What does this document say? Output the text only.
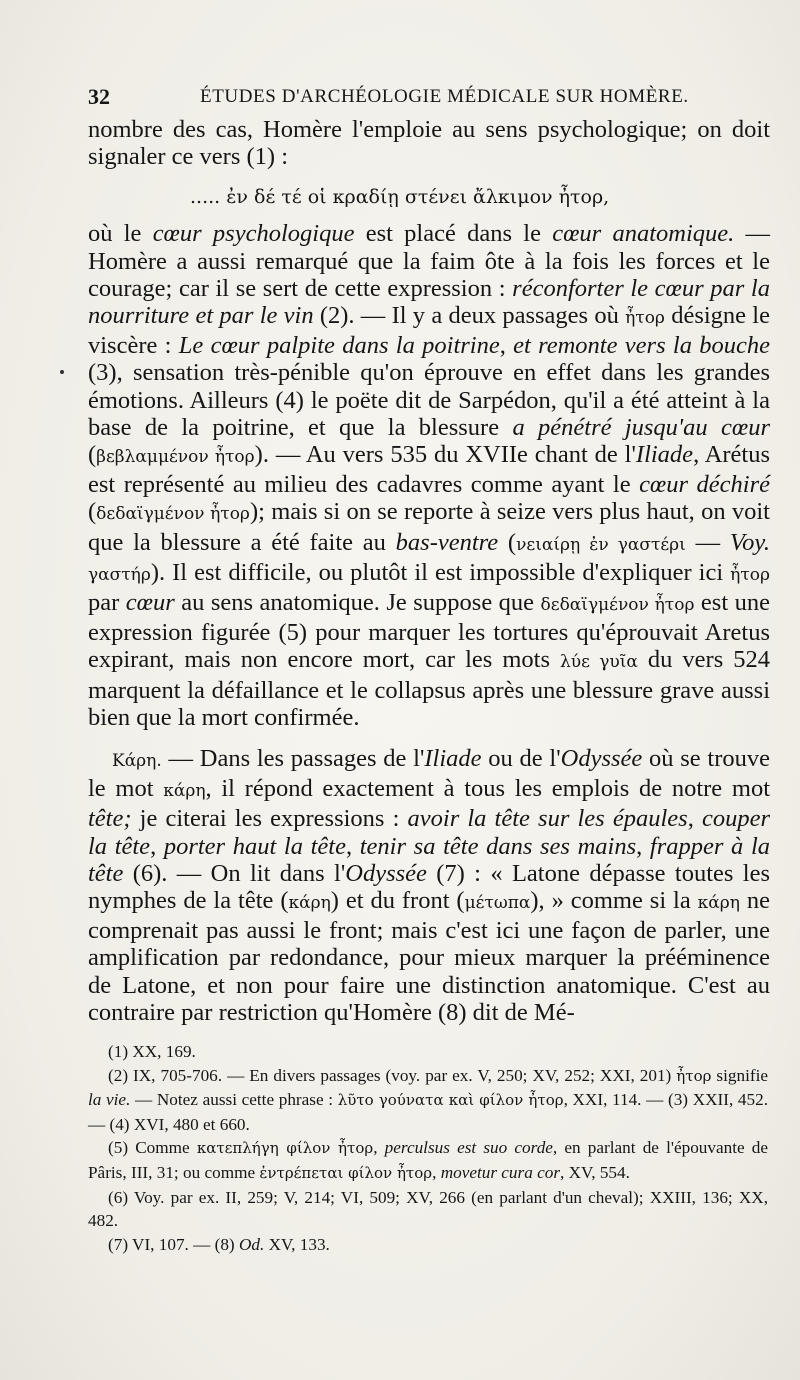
32	ÉTUDES D'ARCHÉOLOGIE MÉDICALE SUR HOMÈRE.

nombre des cas, Homère l'emploie au sens psychologique; on doit signaler ce vers (1) :

..... ἐν δέ τέ οἱ κραδίῃ στένει ἄλκιμον ἦτορ,

où le cœur psychologique est placé dans le cœur anatomique. — Homère a aussi remarqué que la faim ôte à la fois les forces et le courage; car il se sert de cette expression : réconforter le cœur par la nourriture et par le vin (2). — Il y a deux passages où ἦτορ désigne le viscère : Le cœur palpite dans la poitrine, et remonte vers la bouche (3), sensation très-pénible qu'on éprouve en effet dans les grandes émotions. Ailleurs (4) le poëte dit de Sarpédon, qu'il a été atteint à la base de la poitrine, et que la blessure a pénétré jusqu'au cœur (βεβλαμμένον ἦτορ). — Au vers 535 du XVIIe chant de l'Iliade, Arétus est représenté au milieu des cadavres comme ayant le cœur déchiré (δεδαϊγμένον ἦτορ); mais si on se reporte à seize vers plus haut, on voit que la blessure a été faite au bas-ventre (νειαίρῃ ἐν γαστέρι — Voy. γαστήρ). Il est difficile, ou plutôt il est impossible d'expliquer ici ἦτορ par cœur au sens anatomique. Je suppose que δεδαϊγμένον ἦτορ est une expression figurée (5) pour marquer les tortures qu'éprouvait Aretus expirant, mais non encore mort, car les mots λύε γυῖα du vers 524 marquent la défaillance et le collapsus après une blessure grave aussi bien que la mort confirmée.

Κάρη. — Dans les passages de l'Iliade ou de l'Odyssée où se trouve le mot κάρη, il répond exactement à tous les emplois de notre mot tête; je citerai les expressions : avoir la tête sur les épaules, couper la tête, porter haut la tête, tenir sa tête dans ses mains, frapper à la tête (6). — On lit dans l'Odyssée (7) : « Latone dépasse toutes les nymphes de la tête (κάρη) et du front (μέτωπα), » comme si la κάρη ne comprenait pas aussi le front; mais c'est ici une façon de parler, une amplification par redondance, pour mieux marquer la prééminence de Latone, et non pour faire une distinction anatomique. C'est au contraire par restriction qu'Homère (8) dit de Mé-

(1) XX, 169.

(2) IX, 705-706. — En divers passages (voy. par ex. V, 250; XV, 252; XXI, 201) ἦτορ signifie la vie. — Notez aussi cette phrase : λῦτο γούνατα καὶ φίλον ἦτορ, XXI, 114. — (3) XXII, 452. — (4) XVI, 480 et 660.

(5) Comme κατεπλήγη φίλον ἦτορ, perculsus est suo corde, en parlant de l'épouvante de Pâris, III, 31; ou comme ἐντρέπεται φίλον ἦτορ, movetur cura cor, XV, 554.

(6) Voy. par ex. II, 259; V, 214; VI, 509; XV, 266 (en parlant d'un cheval); XXIII, 136; XX, 482.

(7) VI, 107. — (8) Od. XV, 133.
